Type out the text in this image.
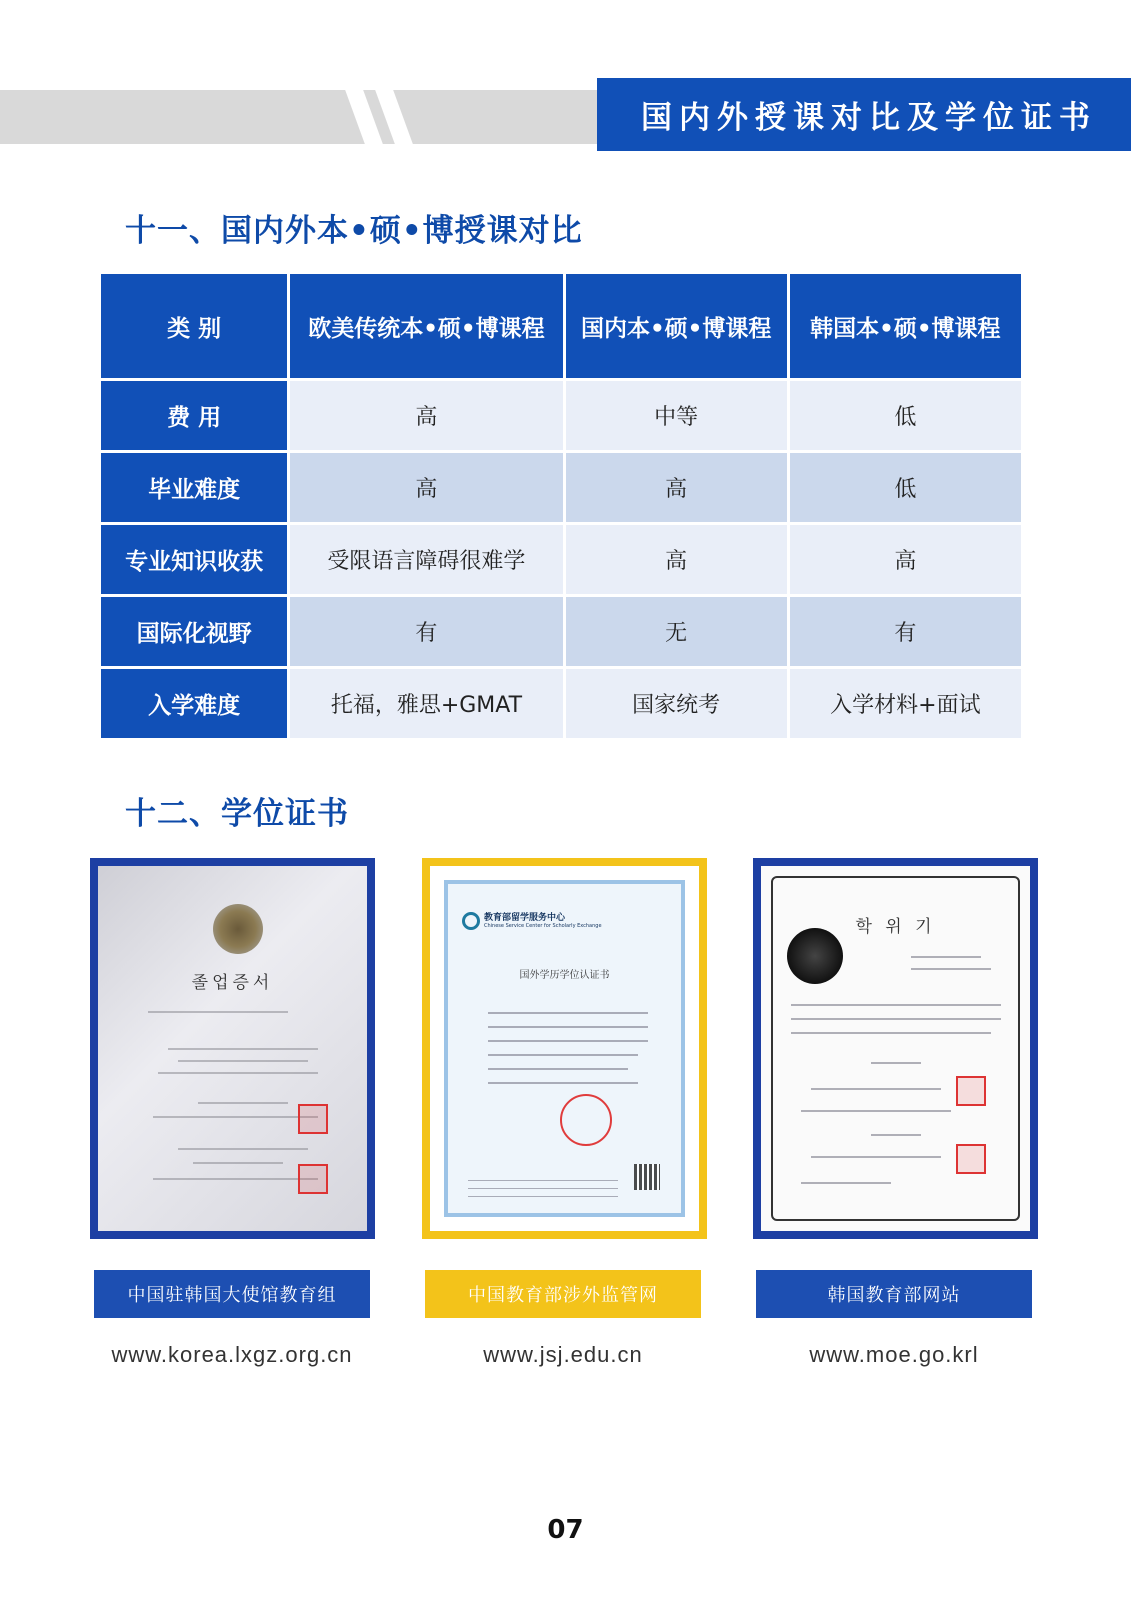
国内外授课对比及学位证书
十一、国内外本•硕•博授课对比
类 别	欧美传统本•硕•博课程	国内本•硕•博课程	韩国本•硕•博课程
费 用	高	中等	低
毕业难度	高	高	低
专业知识收获	受限语言障碍很难学	高	高
国际化视野	有	无	有
入学难度	托福，雅思+GMAT	国家统考	入学材料+面试
十二、学位证书
졸업증서
教育部留学服务中心
Chinese Service Center for Scholarly Exchange
国外学历学位认证书
학 위 기
中国驻韩国大使馆教育组	中国教育部涉外监管网	韩国教育部网站
www.korea.lxgz.org.cn	www.jsj.edu.cn	www.moe.go.krl
07
